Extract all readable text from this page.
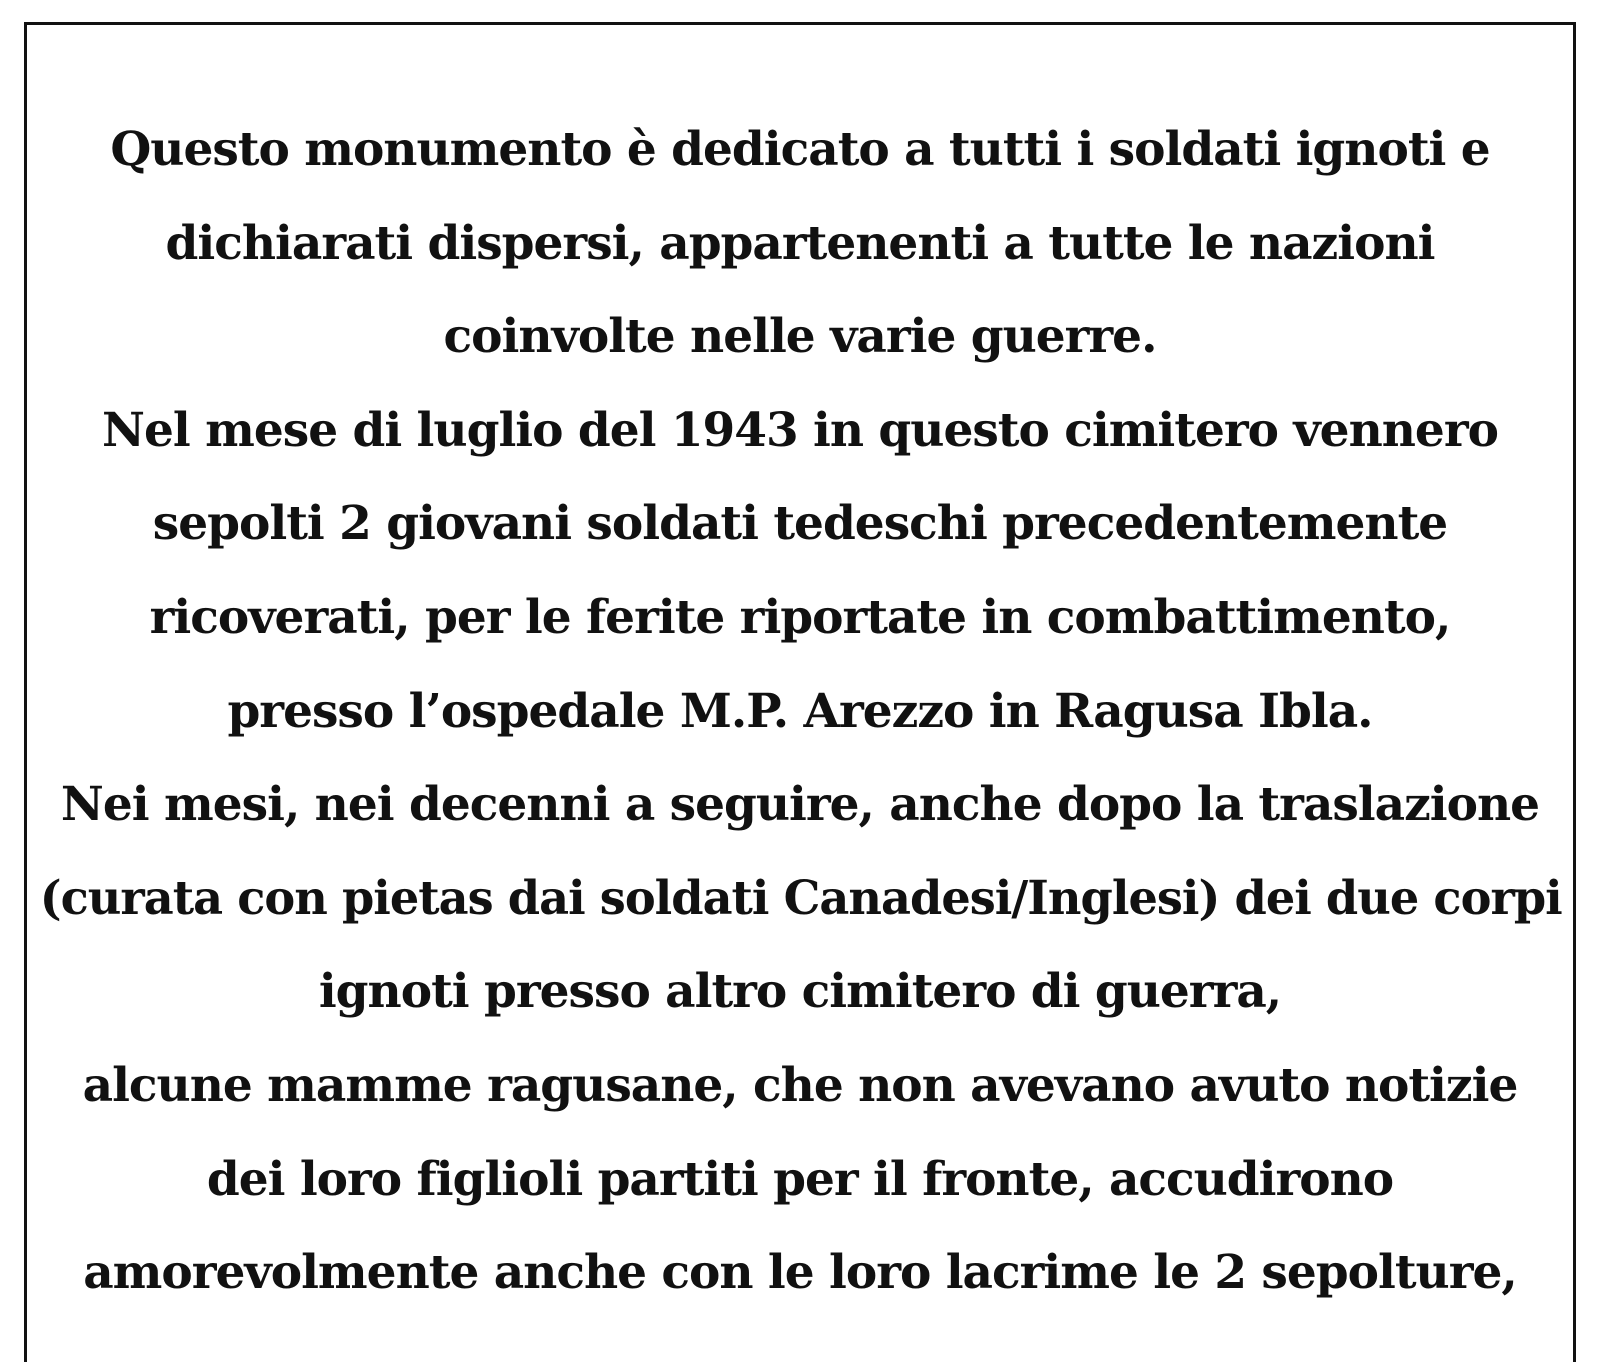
Questo monumento è dedicato a tutti i soldati ignoti e
dichiarati dispersi, appartenenti a tutte le nazioni
coinvolte nelle varie guerre.
Nel mese di luglio del 1943 in questo cimitero vennero
sepolti 2 giovani soldati tedeschi precedentemente
ricoverati, per le ferite riportate in combattimento,
presso l’ospedale M.P. Arezzo in Ragusa Ibla.
Nei mesi, nei decenni a seguire, anche dopo la traslazione
(curata con pietas dai soldati Canadesi/Inglesi) dei due corpi
ignoti presso altro cimitero di guerra,
alcune mamme ragusane, che non avevano avuto notizie
dei loro figlioli partiti per il fronte, accudirono
amorevolmente anche con le loro lacrime le 2 sepolture,
